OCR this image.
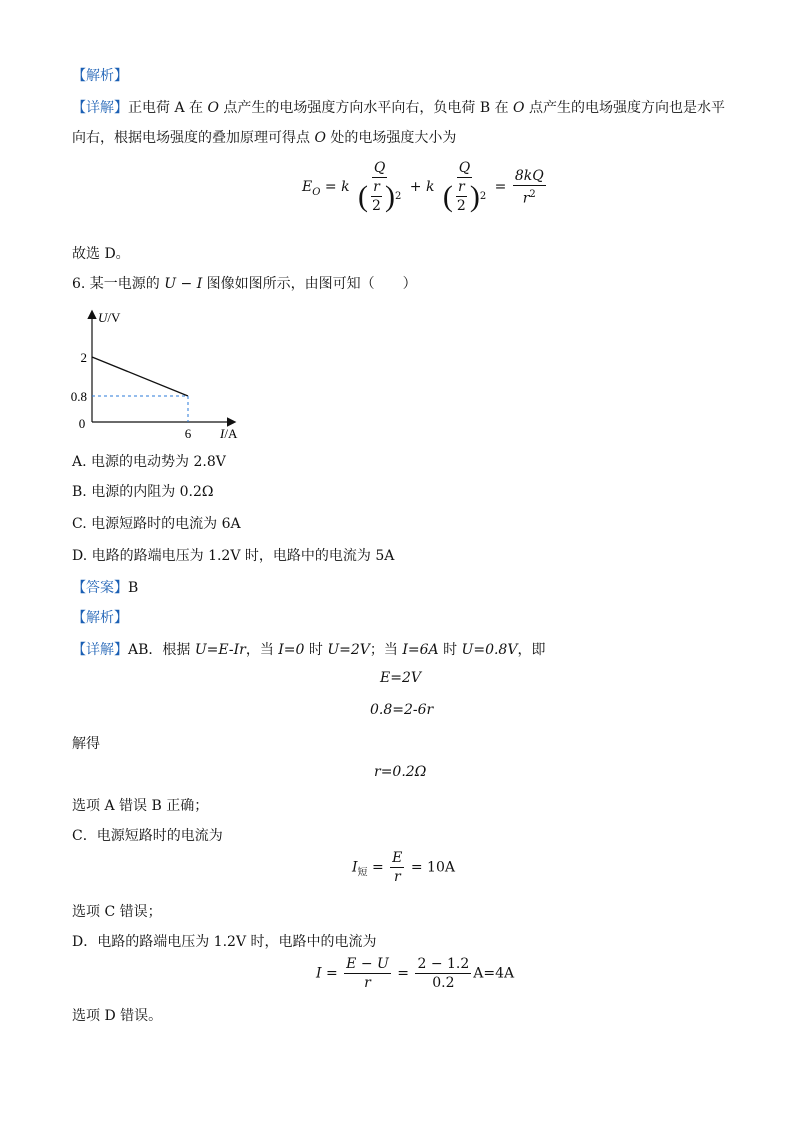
【解析】
【详解】正电荷 A 在 O 点产生的电场强度方向水平向右，负电荷 B 在 O 点产生的电场强度方向也是水平
向右，根据电场强度的叠加原理可得点 O 处的电场强度大小为
$E_O = k \frac{Q}{( \frac{r}{2} ) 2} + k \frac{Q}{( \frac{r}{2} ) 2} = \frac{8kQ}{r^2}$
故选 D。
6. 某一电源的 U − I 图像如图所示，由图可知（　　）
U/V
I/A
0
2
0.8
6
A. 电源的电动势为 2.8V
B. 电源的内阻为 0.2Ω
C. 电源短路时的电流为 6A
D. 电路的路端电压为 1.2V 时，电路中的电流为 5A
【答案】B
【解析】
【详解】AB．根据 U=E-Ir，当 I=0 时 U=2V；当 I=6A 时 U=0.8V，即
E=2V
0.8=2-6r
解得
r=0.2Ω
选项 A 错误 B 正确；
C．电源短路时的电流为
$I_短 = \frac{E}{r} = 10A$
选项 C 错误；
D．电路的路端电压为 1.2V 时，电路中的电流为
$I = \frac{E - U}{r} = \frac{2 - 1.2}{0.2} A=4A$
选项 D 错误。
